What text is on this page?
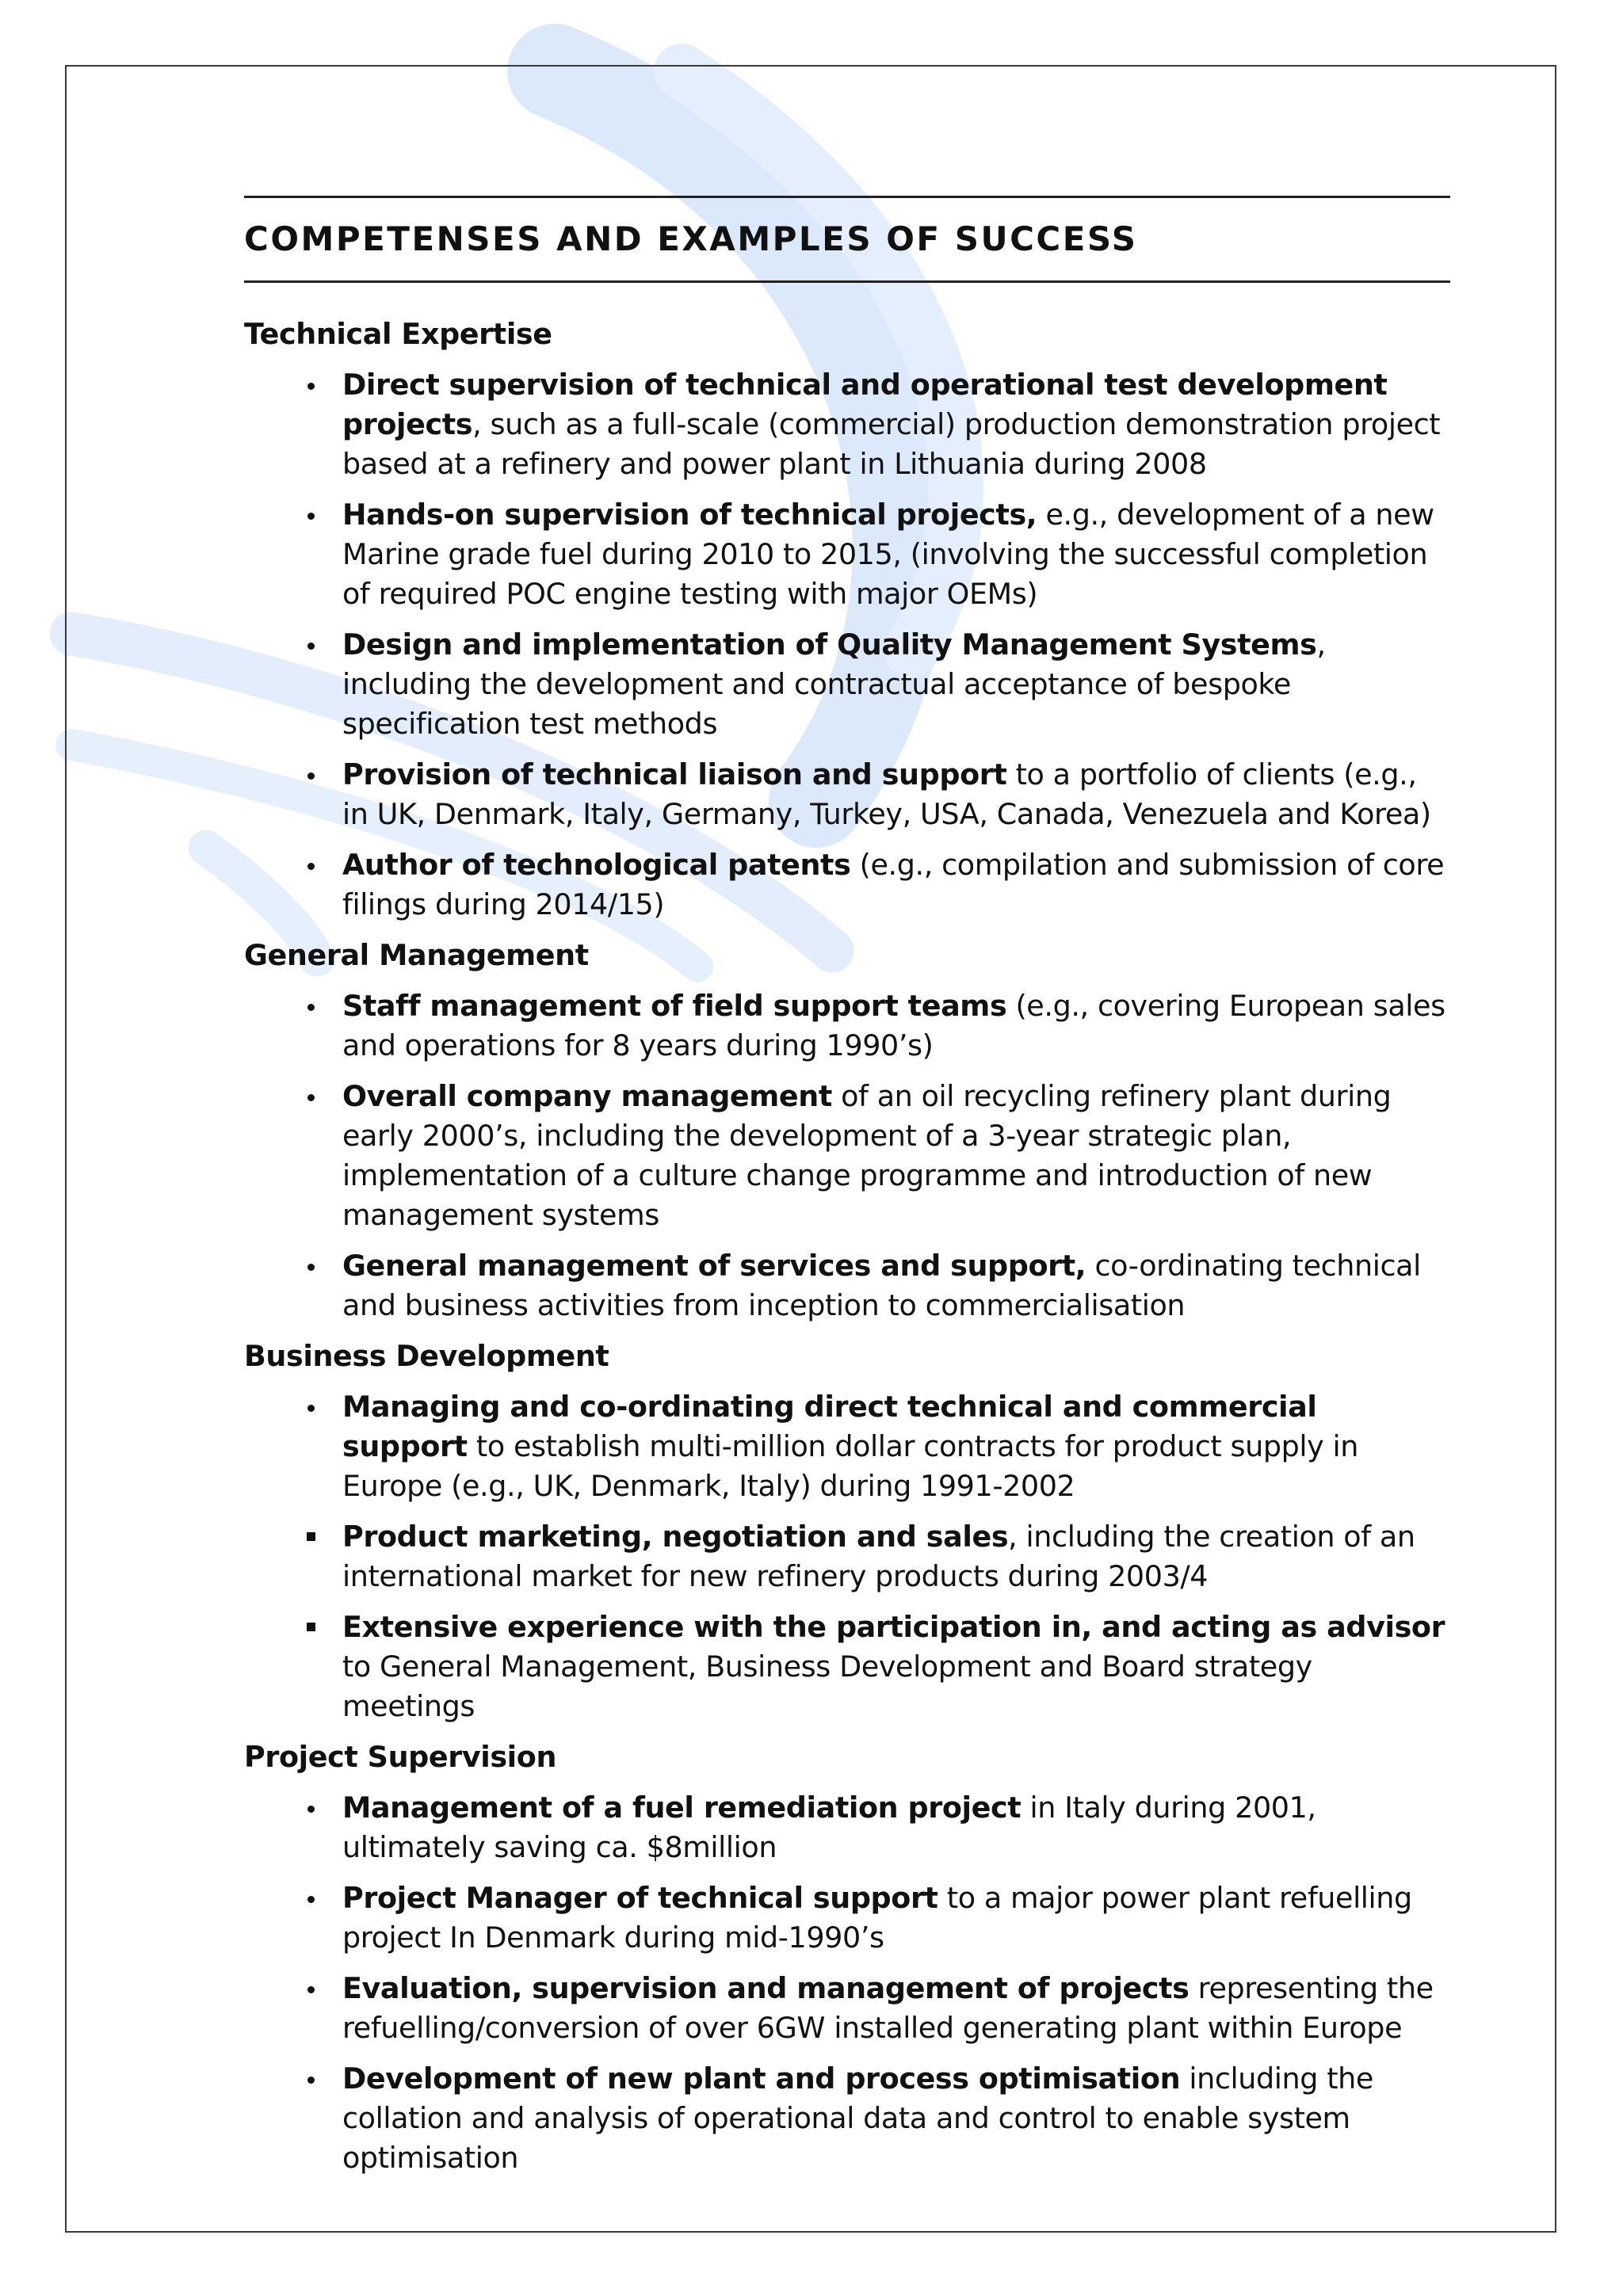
COMPETENSES AND EXAMPLES OF SUCCESS
Technical Expertise
Direct supervision of technical and operational test development projects, such as a full-scale (commercial) production demonstration project based at a refinery and power plant in Lithuania during 2008
Hands-on supervision of technical projects, e.g., development of a new Marine grade fuel during 2010 to 2015, (involving the successful completion of required POC engine testing with major OEMs)
Design and implementation of Quality Management Systems, including the development and contractual acceptance of bespoke specification test methods
Provision of technical liaison and support to a portfolio of clients (e.g., in UK, Denmark, Italy, Germany, Turkey, USA, Canada, Venezuela and Korea)
Author of technological patents (e.g., compilation and submission of core filings during 2014/15)
General Management
Staff management of field support teams (e.g., covering European sales and operations for 8 years during 1990’s)
Overall company management of an oil recycling refinery plant during early 2000’s, including the development of a 3-year strategic plan, implementation of a culture change programme and introduction of new management systems
General management of services and support, co-ordinating technical and business activities from inception to commercialisation
Business Development
Managing and co-ordinating direct technical and commercial support to establish multi-million dollar contracts for product supply in Europe (e.g., UK, Denmark, Italy) during 1991-2002
Product marketing, negotiation and sales, including the creation of an international market for new refinery products during 2003/4
Extensive experience with the participation in, and acting as advisor to General Management, Business Development and Board strategy meetings
Project Supervision
Management of a fuel remediation project in Italy during 2001, ultimately saving ca. $8million
Project Manager of technical support to a major power plant refuelling project In Denmark during mid-1990’s
Evaluation, supervision and management of projects representing the refuelling/conversion of over 6GW installed generating plant within Europe
Development of new plant and process optimisation including the collation and analysis of operational data and control to enable system optimisation
